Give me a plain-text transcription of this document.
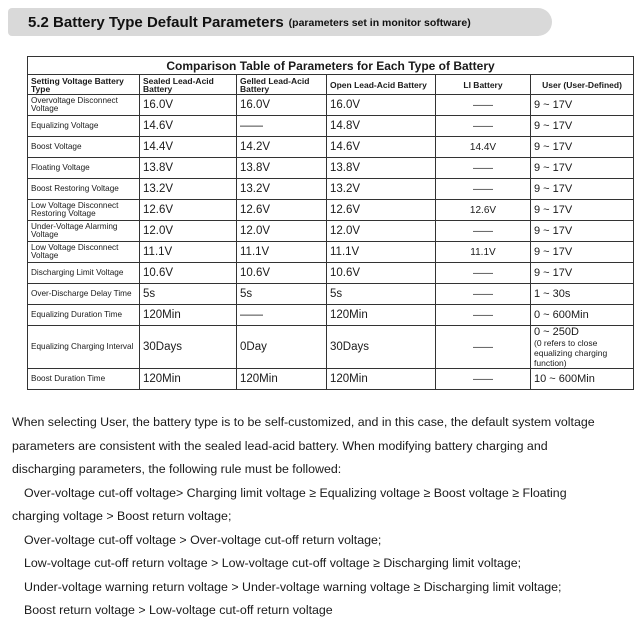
5.2 Battery Type Default Parameters (parameters set in monitor software)
Comparison Table of Parameters for Each Type of Battery					
Setting Voltage Battery Type	Sealed Lead-Acid Battery	Gelled Lead-Acid Battery	Open Lead-Acid Battery	LI Battery	User (User-Defined)
Overvoltage Disconnect Voltage	16.0V	16.0V	16.0V	——	9 ~ 17V
Equalizing Voltage	14.6V	——	14.8V	——	9 ~ 17V
Boost Voltage	14.4V	14.2V	14.6V	14.4V	9 ~ 17V
Floating Voltage	13.8V	13.8V	13.8V	——	9 ~ 17V
Boost Restoring Voltage	13.2V	13.2V	13.2V	——	9 ~ 17V
Low Voltage Disconnect Restoring Voltage	12.6V	12.6V	12.6V	12.6V	9 ~ 17V
Under-Voltage Alarming Voltage	12.0V	12.0V	12.0V	——	9 ~ 17V
Low Voltage Disconnect Voltage	11.1V	11.1V	11.1V	11.1V	9 ~ 17V
Discharging Limit Voltage	10.6V	10.6V	10.6V	——	9 ~ 17V
Over-Discharge Delay Time	5s	5s	5s	——	1 ~ 30s
Equalizing Duration Time	120Min	——	120Min	——	0 ~ 600Min
Equalizing Charging Interval	30Days	0Day	30Days	——	0 ~ 250D
(0 refers to close equalizing charging function)

Boost Duration Time	120Min	120Min	120Min	——	10 ~ 600Min

When selecting User, the battery type is to be self-customized, and in this case, the default system voltage

parameters are consistent with the sealed lead-acid battery. When modifying battery charging and

discharging parameters, the following rule must be followed:

Over-voltage cut-off voltage> Charging limit voltage ≥ Equalizing voltage ≥ Boost voltage ≥ Floating

charging voltage > Boost return voltage;

Over-voltage cut-off voltage > Over-voltage cut-off return voltage;

Low-voltage cut-off return voltage > Low-voltage cut-off voltage ≥ Discharging limit voltage;

Under-voltage warning return voltage > Under-voltage warning voltage ≥ Discharging limit voltage;

Boost return voltage > Low-voltage cut-off return voltage
